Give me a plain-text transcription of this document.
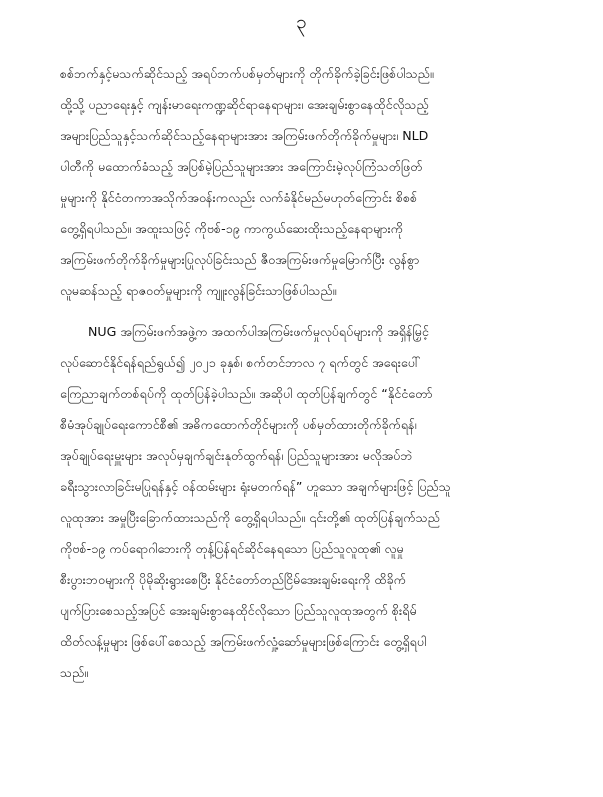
၃
စစ်ဘက်နှင့်မသက်ဆိုင်သည့် အရပ်ဘက်ပစ်မှတ်များကို တိုက်ခိုက်ခဲ့ခြင်းဖြစ်ပါသည်။
ထို့သို့ ပညာရေးနှင့် ကျန်းမာရေးကဏ္ဍဆိုင်ရာနေရာများ၊ အေးချမ်းစွာနေထိုင်လိုသည့်
အများပြည်သူနှင့်သက်ဆိုင်သည့်နေရာများအား အကြမ်းဖက်တိုက်ခိုက်မှုများ၊ NLD
ပါတီကို မထောက်ခံသည့် အပြစ်မဲ့ပြည်သူများအား အကြောင်းမဲ့လုပ်ကြံသတ်ဖြတ်
မှုများကို နိုင်ငံတကာအသိုက်အဝန်းကလည်း လက်ခံနိုင်မည်မဟုတ်ကြောင်း စိစစ်
တွေ့ရှိရပါသည်။ အထူးသဖြင့် ကိုဗစ်-၁၉ ကာကွယ်ဆေးထိုးသည့်နေရာများကို
အကြမ်းဖက်တိုက်ခိုက်မှုများပြုလုပ်ခြင်းသည် ဇီဝအကြမ်းဖက်မှုမြောက်ပြီး လွန်စွာ
လူမဆန်သည့် ရာဇဝတ်မှုများကို ကျူးလွန်ခြင်းသာဖြစ်ပါသည်။
NUG အကြမ်းဖက်အဖွဲ့က အထက်ပါအကြမ်းဖက်မှုလုပ်ရပ်များကို အရှိန်မြှင့်
လုပ်ဆောင်နိုင်ရန်ရည်ရွယ်၍ ၂၀၂၁ ခုနှစ်၊ စက်တင်ဘာလ ၇ ရက်တွင် အရေးပေါ်
ကြေညာချက်တစ်ရပ်ကို ထုတ်ပြန်ခဲ့ပါသည်။ အဆိုပါ ထုတ်ပြန်ချက်တွင် “နိုင်ငံတော်
စီမံအုပ်ချုပ်ရေးကောင်စီ၏ အဓိကထောက်တိုင်များကို ပစ်မှတ်ထားတိုက်ခိုက်ရန်၊
အုပ်ချုပ်ရေးမှူးများ အလုပ်မှချက်ချင်းနုတ်ထွက်ရန်၊ ပြည်သူများအား မလိုအပ်ဘဲ
ခရီးသွားလာခြင်းမပြုရန်နှင့် ဝန်ထမ်းများ ရုံးမတက်ရန်” ဟူသော အချက်များဖြင့် ပြည်သူ
လူထုအား အမှုပြီးခြောက်ထားသည်ကို တွေ့ရှိရပါသည်။ ၎င်းတို့၏ ထုတ်ပြန်ချက်သည်
ကိုဗစ်-၁၉ ကပ်ရောဂါဘေးကို တုန့်ပြန်ရင်ဆိုင်နေရသော ပြည်သူလူထု၏ လူမှု
စီးပွားဘဝများကို ပိုမိုဆိုးရွားစေပြီး နိုင်ငံတော်တည်ငြိမ်အေးချမ်းရေးကို ထိခိုက်
ပျက်ပြားစေသည့်အပြင် အေးချမ်းစွာနေထိုင်လိုသော ပြည်သူလူထုအတွက် စိုးရိမ်
ထိတ်လန့်မှုများ ဖြစ်ပေါ်စေသည့် အကြမ်းဖက်လှုံ့ဆော်မှုများဖြစ်ကြောင်း တွေ့ရှိရပါ
သည်။
